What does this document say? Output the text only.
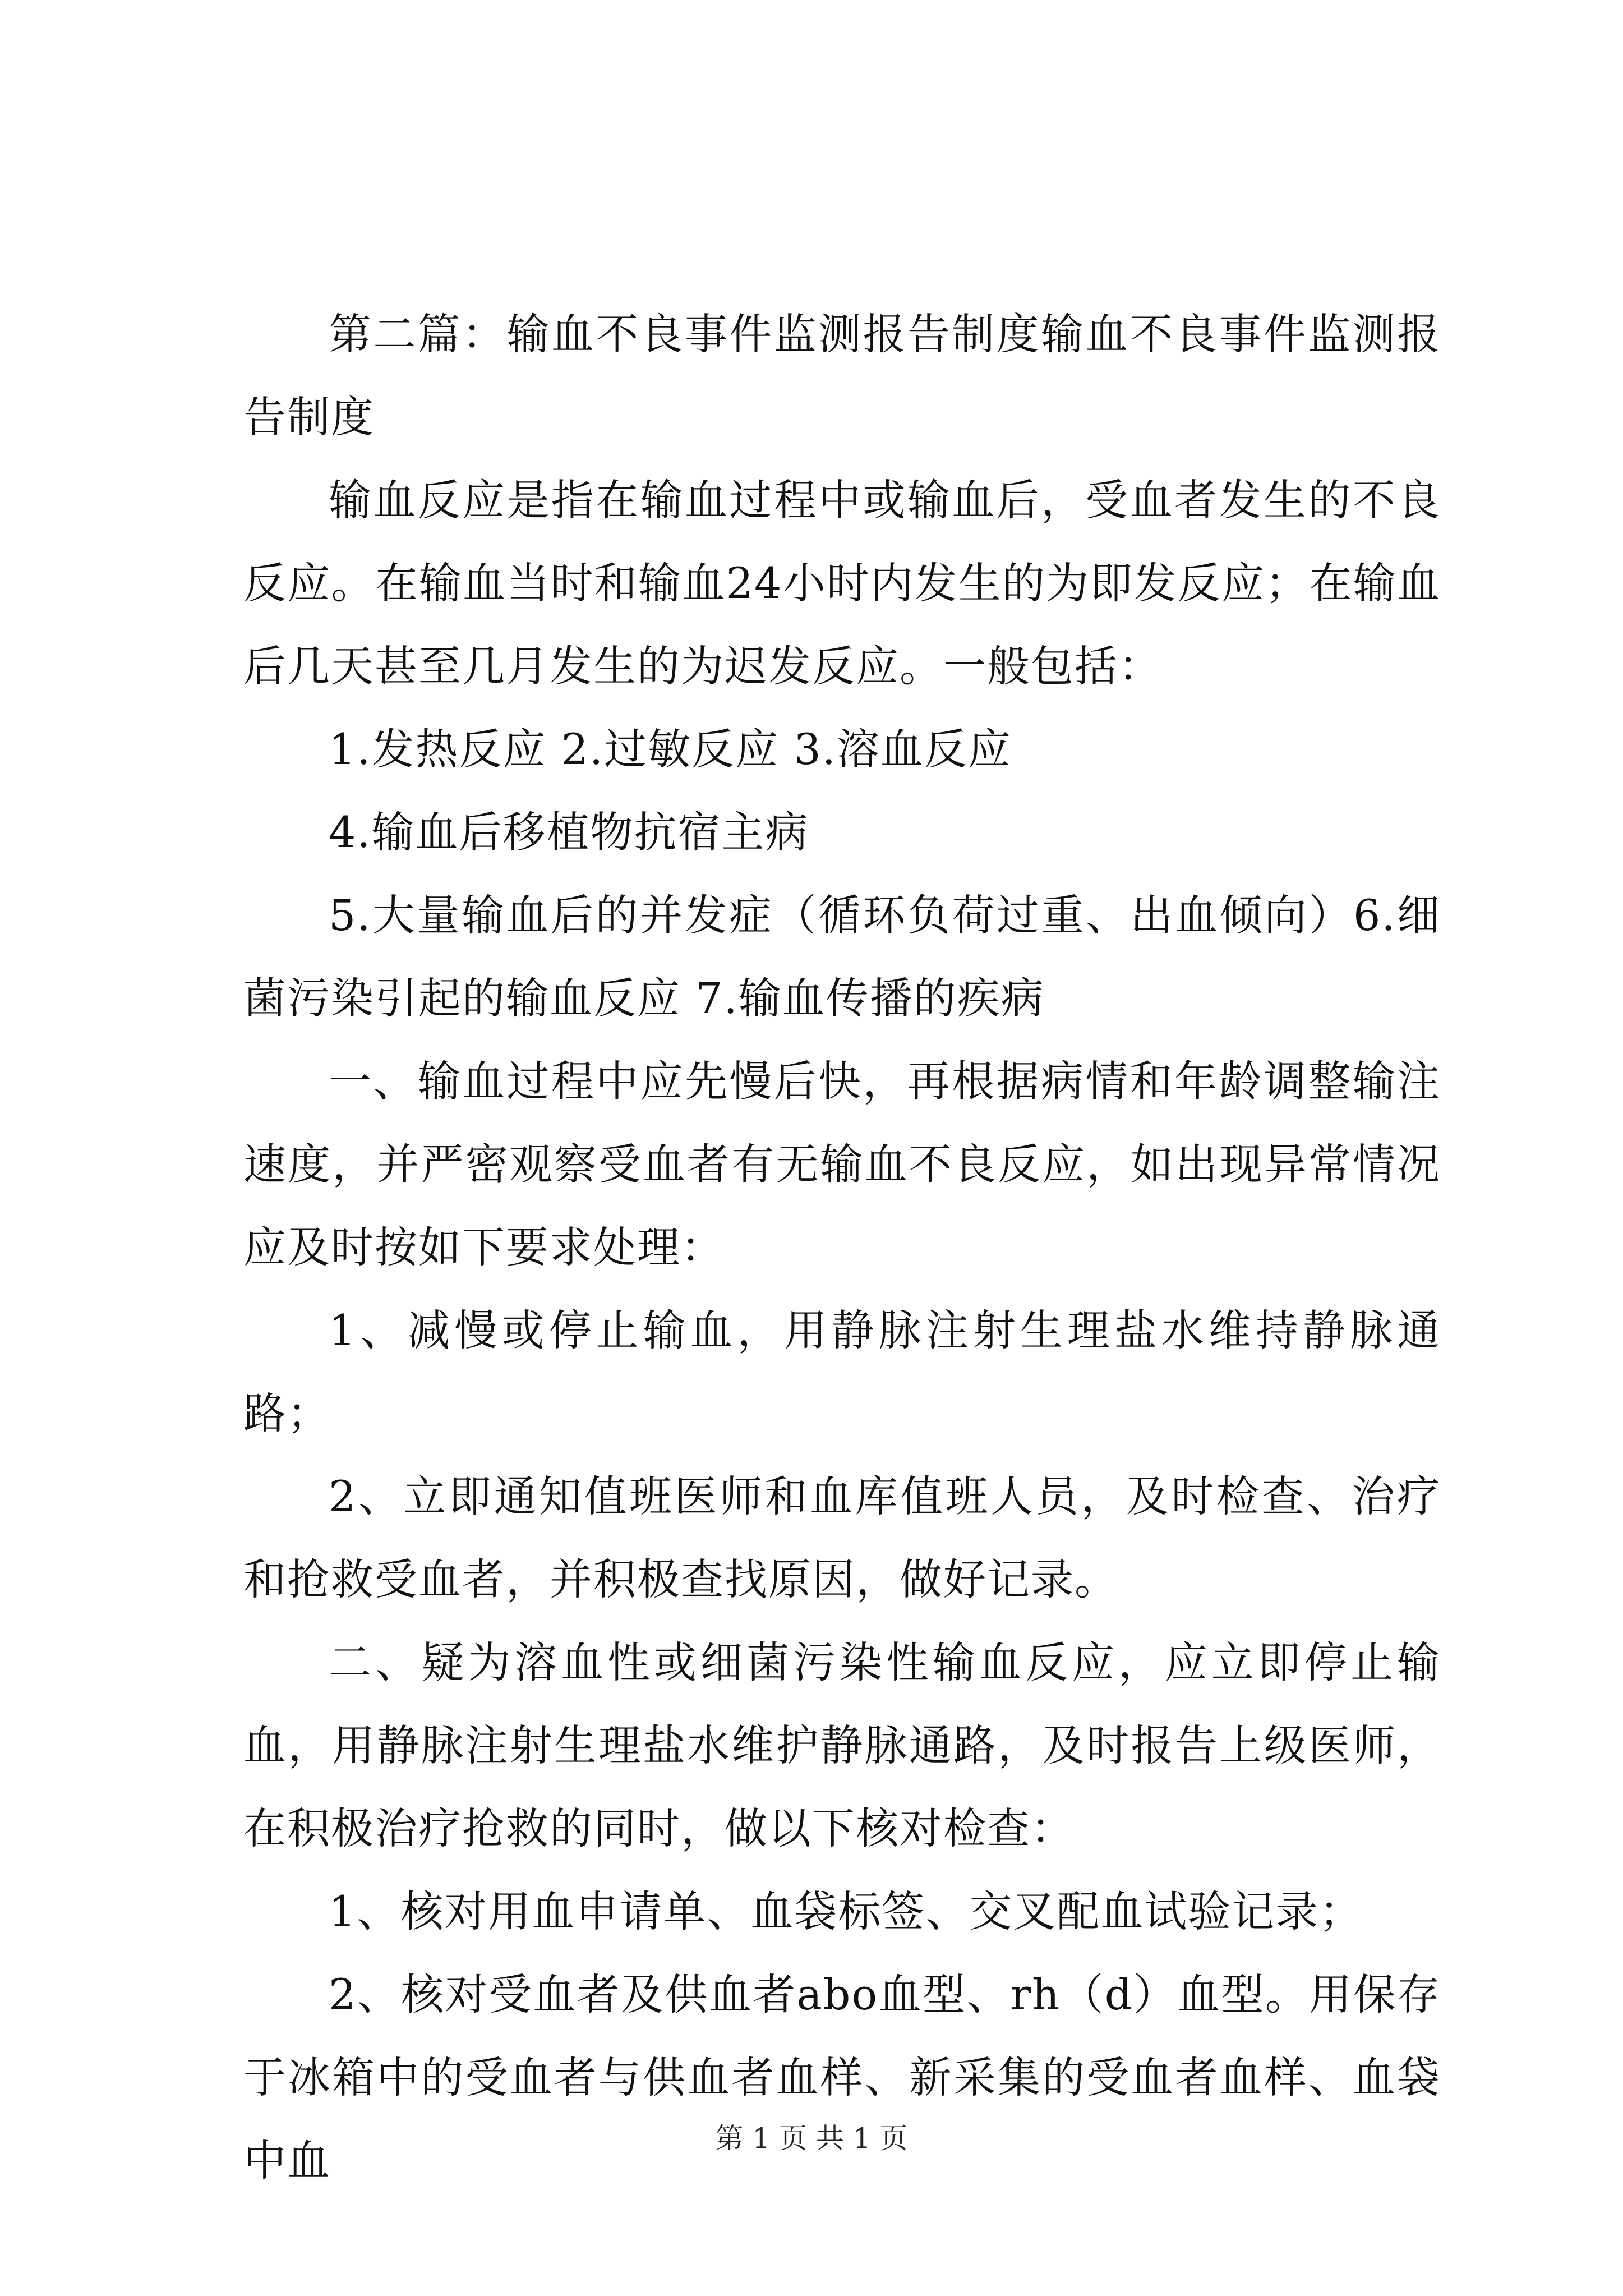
第二篇：输血不良事件监测报告制度输血不良事件监测报告制度

输血反应是指在输血过程中或输血后，受血者发生的不良反应。在输血当时和输血24小时内发生的为即发反应；在输血后几天甚至几月发生的为迟发反应。一般包括：

1.发热反应 2.过敏反应 3.溶血反应

4.输血后移植物抗宿主病

5.大量输血后的并发症（循环负荷过重、出血倾向）6.细菌污染引起的输血反应 7.输血传播的疾病

一、输血过程中应先慢后快，再根据病情和年龄调整输注速度，并严密观察受血者有无输血不良反应，如出现异常情况应及时按如下要求处理：

1、减慢或停止输血，用静脉注射生理盐水维持静脉通路；

2、立即通知值班医师和血库值班人员，及时检查、治疗和抢救受血者，并积极查找原因，做好记录。

二、疑为溶血性或细菌污染性输血反应，应立即停止输血，用静脉注射生理盐水维护静脉通路，及时报告上级医师，在积极治疗抢救的同时，做以下核对检查：

1、核对用血申请单、血袋标签、交叉配血试验记录；

2、核对受血者及供血者abo血型、rh（d）血型。用保存于冰箱中的受血者与供血者血样、新采集的受血者血样、血袋中血	第 1 页 共 1 页
